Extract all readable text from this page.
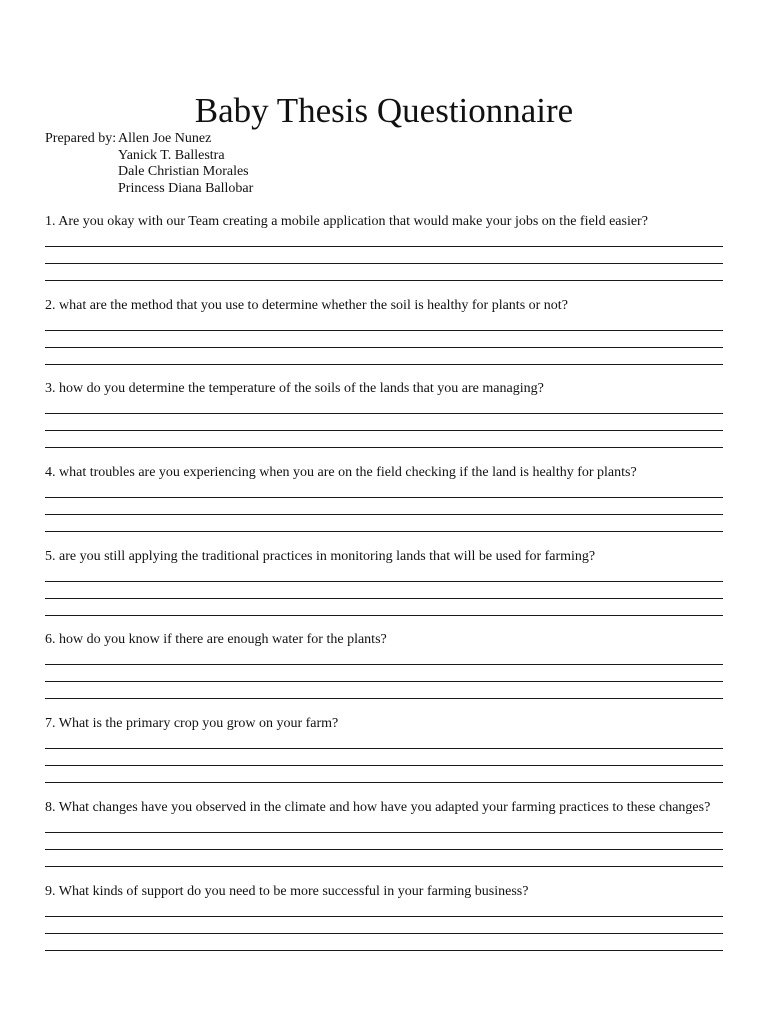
Baby Thesis Questionnaire
Prepared by: Allen Joe Nunez
Yanick T. Ballestra
Dale Christian Morales
Princess Diana Ballobar

1. Are you okay with our Team creating a mobile application that would make your jobs on the field easier?

2. what are the method that you use to determine whether the soil is healthy for plants or not?

3. how do you determine the temperature of the soils of the lands that you are managing?

4. what troubles are you experiencing when you are on the field checking if the land is healthy for plants?

5. are you still applying the traditional practices in monitoring lands that will be used for farming?

6. how do you know if there are enough water for the plants?

7. What is the primary crop you grow on your farm?

8. What changes have you observed in the climate and how have you adapted your farming practices to these changes?

9. What kinds of support do you need to be more successful in your farming business?
